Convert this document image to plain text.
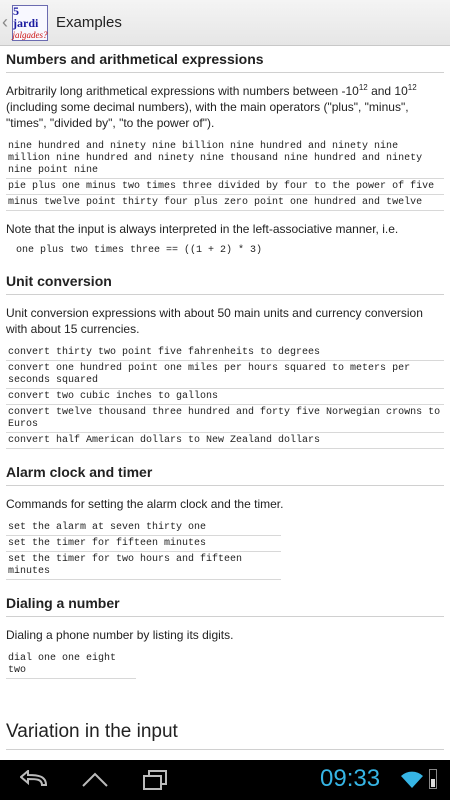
‹
5 jardi
jalgades?
Examples
Numbers and arithmetical expressions

Arbitrarily long arithmetical expressions with numbers between $-10^{12}$ and $10^{12}$ (including some decimal numbers), with the main operators ("plus", "minus", "times", "divided by", "to the power of").

nine hundred and ninety nine billion nine hundred and ninety nine million nine hundred and ninety nine thousand nine hundred and ninety nine point nine
pie plus one minus two times three divided by four to the power of five
minus twelve point thirty four plus zero point one hundred and twelve

Note that the input is always interpreted in the left-associative manner, i.e.

one plus two times three == ((1 + 2) * 3)
Unit conversion

Unit conversion expressions with about 50 main units and currency conversion with about 15 currencies.

convert thirty two point five fahrenheits to degrees
convert one hundred point one miles per hours squared to meters per seconds squared
convert two cubic inches to gallons
convert twelve thousand three hundred and forty five Norwegian crowns to Euros
convert half American dollars to New Zealand dollars
Alarm clock and timer

Commands for setting the alarm clock and the timer.

set the alarm at seven thirty one
set the timer for fifteen minutes
set the timer for two hours and fifteen minutes
Dialing a number

Dialing a phone number by listing its digits.

dial one one eight two
Variation in the input

09:33
